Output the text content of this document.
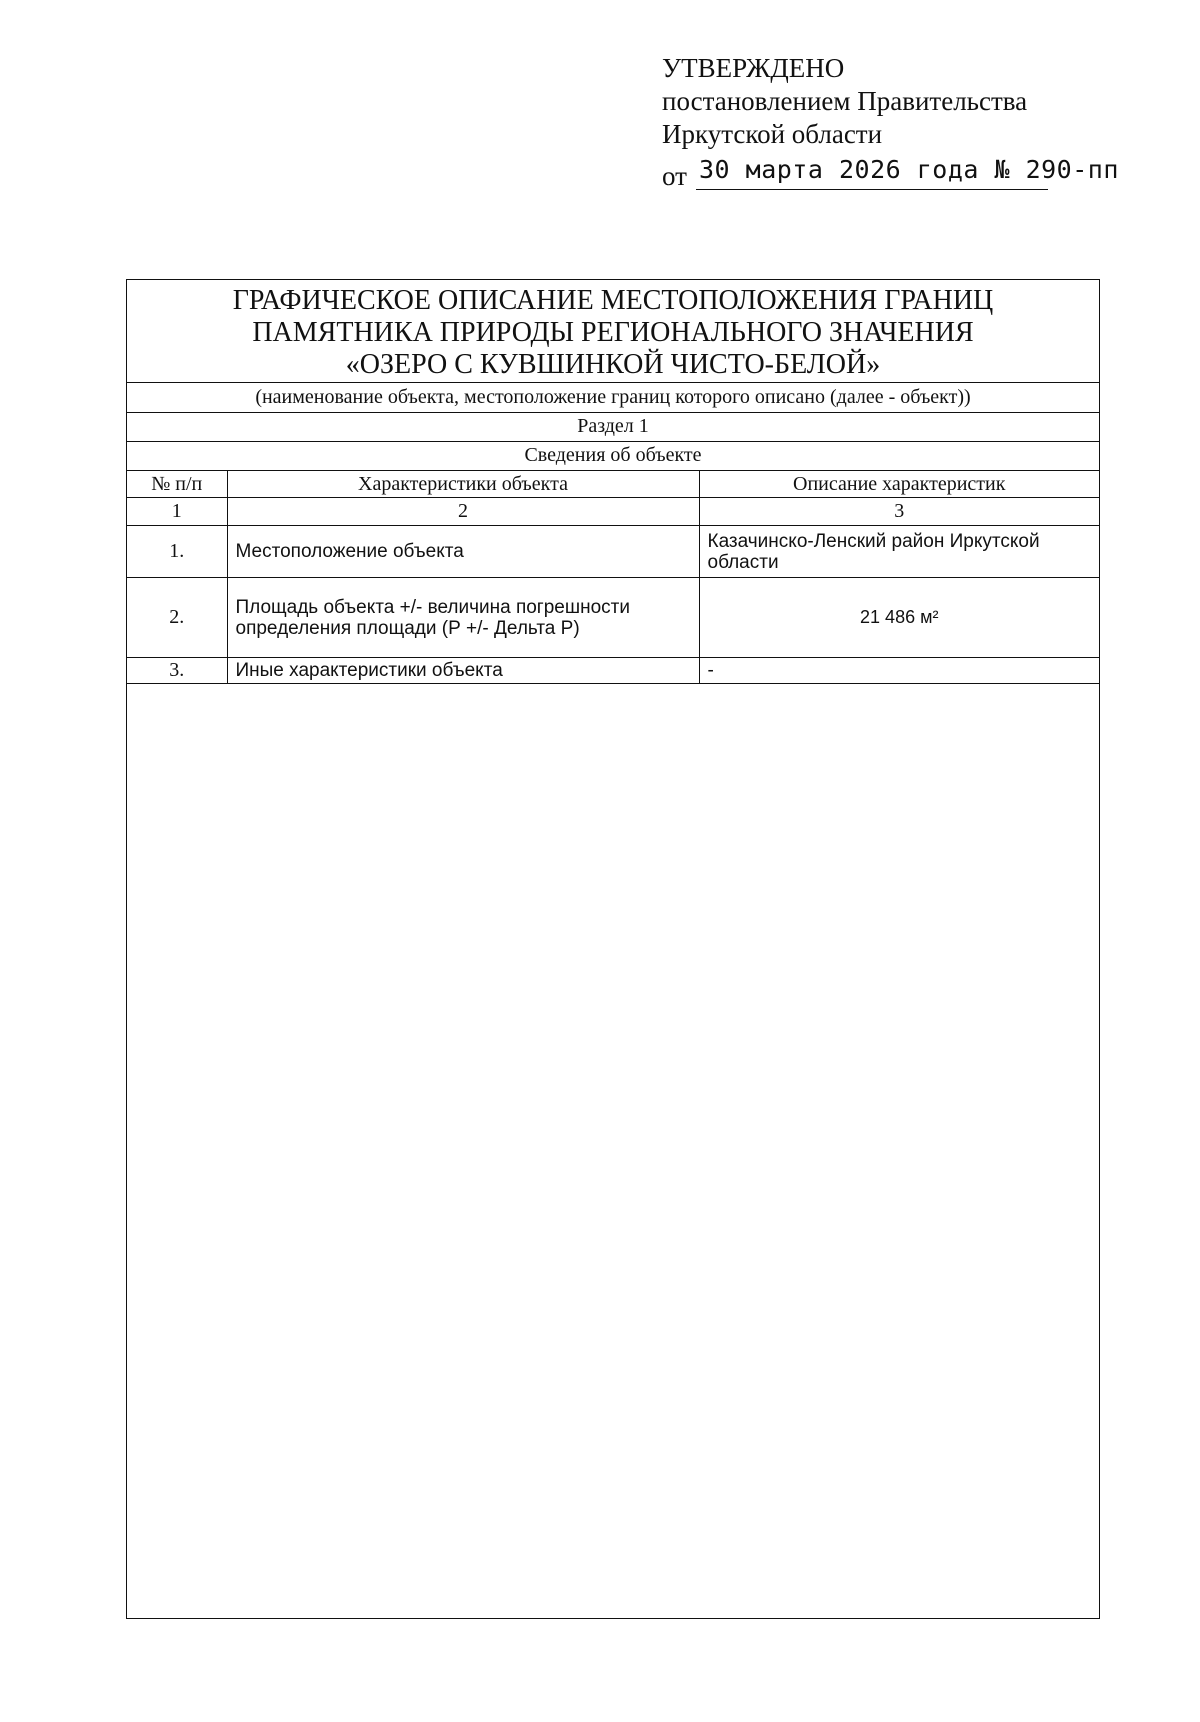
УТВЕРЖДЕНО
постановлением Правительства
Иркутской области
от 30 марта 2026 года № 290-пп
ГРАФИЧЕСКОЕ ОПИСАНИЕ МЕСТОПОЛОЖЕНИЯ ГРАНИЦ
ПАМЯТНИКА ПРИРОДЫ РЕГИОНАЛЬНОГО ЗНАЧЕНИЯ
«ОЗЕРО С КУВШИНКОЙ ЧИСТО-БЕЛОЙ»
(наименование объекта, местоположение границ которого описано (далее - объект))
Раздел 1
Сведения об объекте
№ п/п	Характеристики объекта	Описание характеристик
1	2	3
1.	Местоположение объекта	Казачинско-Ленский район Иркутской области
2.	Площадь объекта +/- величина погрешности определения площади (Р +/- Дельта Р)	21 486 м²
3.	Иные характеристики объекта	-
